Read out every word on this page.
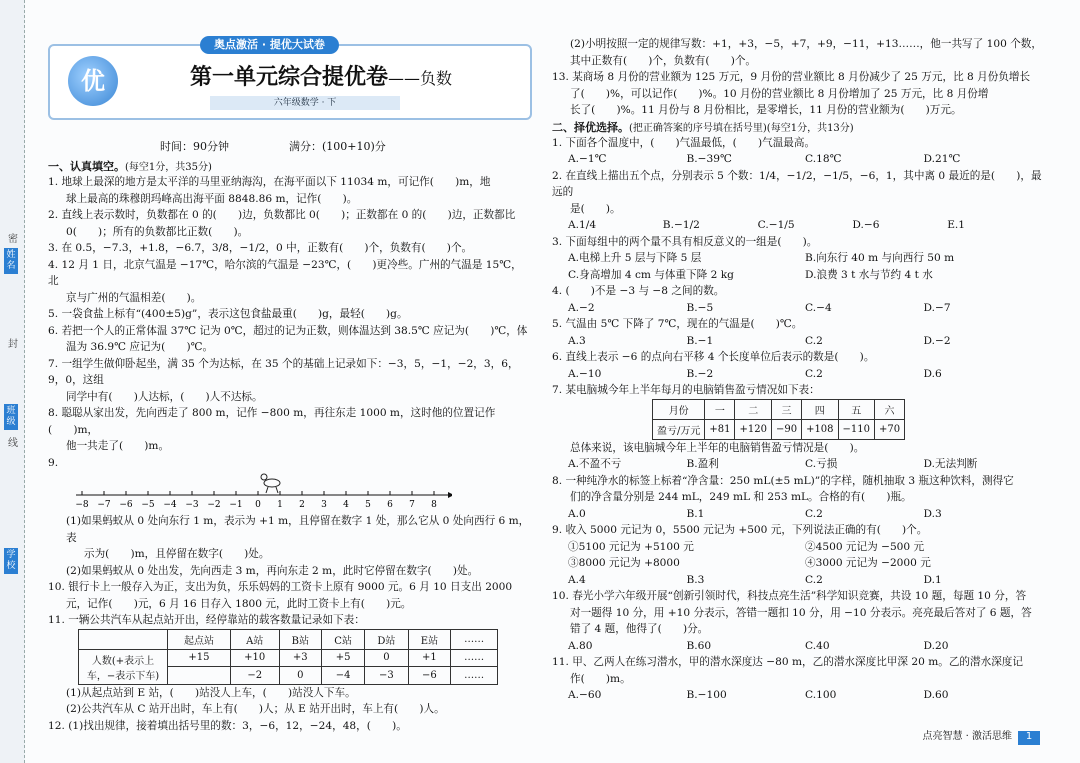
姓名
班级
学校
密
封
线
奥点激活 · 提优大试卷
优	第一单元综合提优卷——负数
六年级数学 · 下
时间：90分钟	满分：(100+10)分
一、认真填空。(每空1分，共35分)

1. 地球上最深的地方是太平洋的马里亚纳海沟，在海平面以下 11034 m，可记作(　　)m，地
球上最高的珠穆朗玛峰高出海平面 8848.86 m，记作(　　)。

2. 直线上表示数时，负数都在 0 的(　　)边，负数都比 0(　　)；正数都在 0 的(　　)边，正数都比
0(　　)；所有的负数都比正数(　　)。

3. 在 0.5，−7.3，+1.8，−6.7，3/8，−1/2，0 中，正数有(　　)个，负数有(　　)个。

4. 12 月 1 日，北京气温是 −17℃，哈尔滨的气温是 −23℃，(　　)更冷些。广州的气温是 15℃，北
京与广州的气温相差(　　)。

5. 一袋食盐上标有“(400±5)g”，表示这包食盐最重(　　)g，最轻(　　)g。

6. 若把一个人的正常体温 37℃ 记为 0℃，超过的记为正数，则体温达到 38.5℃ 应记为(　　)℃，体
温为 36.9℃ 应记为(　　)℃。

7. 一组学生做仰卧起坐，满 35 个为达标，在 35 个的基础上记录如下：−3，5，−1，−2，3，6，9，0，这组
同学中有(　　)人达标，(　　)人不达标。

8. 聪聪从家出发，先向西走了 800 m，记作 −800 m，再往东走 1000 m，这时他的位置记作(　　)m，
他一共走了(　　)m。

9.

−8 −7 −6 −5 −4 −3 −2 −1 0 1 2 3 4 5 6 7 8

(1)如果蚂蚁从 0 处向东行 1 m，表示为 +1 m，且停留在数字 1 处，那么它从 0 处向西行 6 m，表
示为(　　)m，且停留在数字(　　)处。

(2)如果蚂蚁从 0 处出发，先向西走 3 m，再向东走 2 m，此时它停留在数字(　　)处。

10. 银行卡上一般存入为正，支出为负，乐乐妈妈的工资卡上原有 9000 元。6 月 10 日支出 2000
元，记作(　　)元，6 月 16 日存入 1800 元，此时工资卡上有(　　)元。

11. 一辆公共汽车从起点站开出，经停靠站的载客数量记录如下表：

	起点站	A站	B站	C站	D站	E站	……
人数(+表示上车，−表示下车)	+15	+10	+3	+5	0	+1	……
		−2	0	−4	−3	−6	……

(1)从起点站到 E 站，(　　)站没人上车，(　　)站没人下车。

(2)公共汽车从 C 站开出时，车上有(　　)人；从 E 站开出时，车上有(　　)人。

12. (1)找出规律，接着填出括号里的数：3，−6，12，−24，48，(　　)。

(2)小明按照一定的规律写数：+1，+3，−5，+7，+9，−11，+13……，他一共写了 100 个数，
其中正数有(　　)个，负数有(　　)个。

13. 某商场 8 月份的营业额为 125 万元，9 月份的营业额比 8 月份减少了 25 万元，比 8 月份负增长
了(　　)%，可以记作(　　)%。10 月份的营业额比 8 月份增加了 25 万元，比 8 月份增
长了(　　)%。11 月份与 8 月份相比，是零增长，11 月份的营业额为(　　)万元。

二、择优选择。(把正确答案的序号填在括号里)(每空1分，共13分)

1. 下面各个温度中，(　　)气温最低，(　　)气温最高。

A.−1℃	B.−39℃	C.18℃	D.21℃

2. 在直线上描出五个点，分别表示 5 个数：1/4，−1/2，−1/5，−6，1，其中离 0 最近的是(　　)，最远的
是(　　)。

A.1/4	B.−1/2	C.−1/5	D.−6	E.1

3. 下面每组中的两个量不具有相反意义的一组是(　　)。

A.电梯上升 5 层与下降 5 层	B.向东行 40 m 与向西行 50 m
C.身高增加 4 cm 与体重下降 2 kg	D.浪费 3 t 水与节约 4 t 水

4. (　　)不是 −3 与 −8 之间的数。

A.−2	B.−5	C.−4	D.−7

5. 气温由 5℃ 下降了 7℃，现在的气温是(　　)℃。

A.3	B.−1	C.2	D.−2

6. 直线上表示 −6 的点向右平移 4 个长度单位后表示的数是(　　)。

A.−10	B.−2	C.2	D.6

7. 某电脑城今年上半年每月的电脑销售盈亏情况如下表：

月份	一	二	三	四	五	六
盈亏/万元	+81	+120	−90	+108	−110	+70

总体来说，该电脑城今年上半年的电脑销售盈亏情况是(　　)。

A.不盈不亏	B.盈利	C.亏损	D.无法判断

8. 一种纯净水的标签上标着“净含量：250 mL(±5 mL)”的字样，随机抽取 3 瓶这种饮料，测得它
们的净含量分别是 244 mL，249 mL 和 253 mL。合格的有(　　)瓶。

A.0	B.1	C.2	D.3

9. 收入 5000 元记为 0，5500 元记为 +500 元，下列说法正确的有(　　)个。

①5100 元记为 +5100 元	②4500 元记为 −500 元
③8000 元记为 +8000	④3000 元记为 −2000 元
A.4	B.3	C.2	D.1

10. 春光小学六年级开展“创新引领时代，科技点亮生活”科学知识竞赛，共设 10 题，每题 10 分，答
对一题得 10 分，用 +10 分表示，答错一题扣 10 分，用 −10 分表示。亮亮最后答对了 6 题，答
错了 4 题，他得了(　　)分。

A.80	B.60	C.40	D.20

11. 甲、乙两人在练习潜水，甲的潜水深度达 −80 m，乙的潜水深度比甲深 20 m。乙的潜水深度记
作(　　)m。

A.−60	B.−100	C.100	D.60
点亮智慧 · 激活思维 1
